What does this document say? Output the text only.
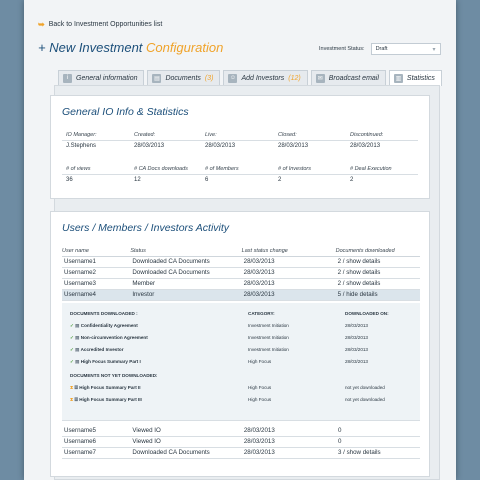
➥ Back to Investment Opportunities list
+ New Investment Configuration	Investment Status:	Draft	▾
i	General information	▤ Documents (3)	☺ Add Investors (12)	✉ Broadcast email	▥ Statistics
General IO Info & Statistics
IO Manager:	Created:	Live:	Closed:	Discontinued:
J.Stephens	28/03/2013	28/03/2013	28/03/2013	28/03/2013
# of views	# CA Docs downloads	# of Members	# of Investors	# Deal Execution
36	12	6	2	2
Users / Members / Investors Activity
User name	Status	Last status change	Documents downloaded
Username1	Downloaded CA Documents	28/03/2013	2 / show details
Username2	Downloaded CA Documents	28/03/2013	2 / show details
Username3	Member	28/03/2013	2 / show details
Username4	Investor	28/03/2013	5 / hide details
DOCUMENTS DOWNLOADED :	CATEGORY:	DOWNLOADED ON:
✓ ▤ Confidentiality Agreement	Investment Initiation	28/03/2013
✓ ▤ Non-circumvention Agreement	Investment Initiation	28/03/2013
✓ ▤ Accredited Investor	Investment Initiation	28/03/2013
✓ ▤ High Focus Summary Part I	High Focus	28/03/2013
DOCUMENTS NOT YET DOWNLOADED:
⧗ ▤ High Focus Summary Part II	High Focus	not yet downloaded
⧗ ▤ High Focus Summary Part III	High Focus	not yet downloaded
Username5	Viewed IO	28/03/2013	0
Username6	Viewed IO	28/03/2013	0
Username7	Downloaded CA Documents	28/03/2013	3 / show details
